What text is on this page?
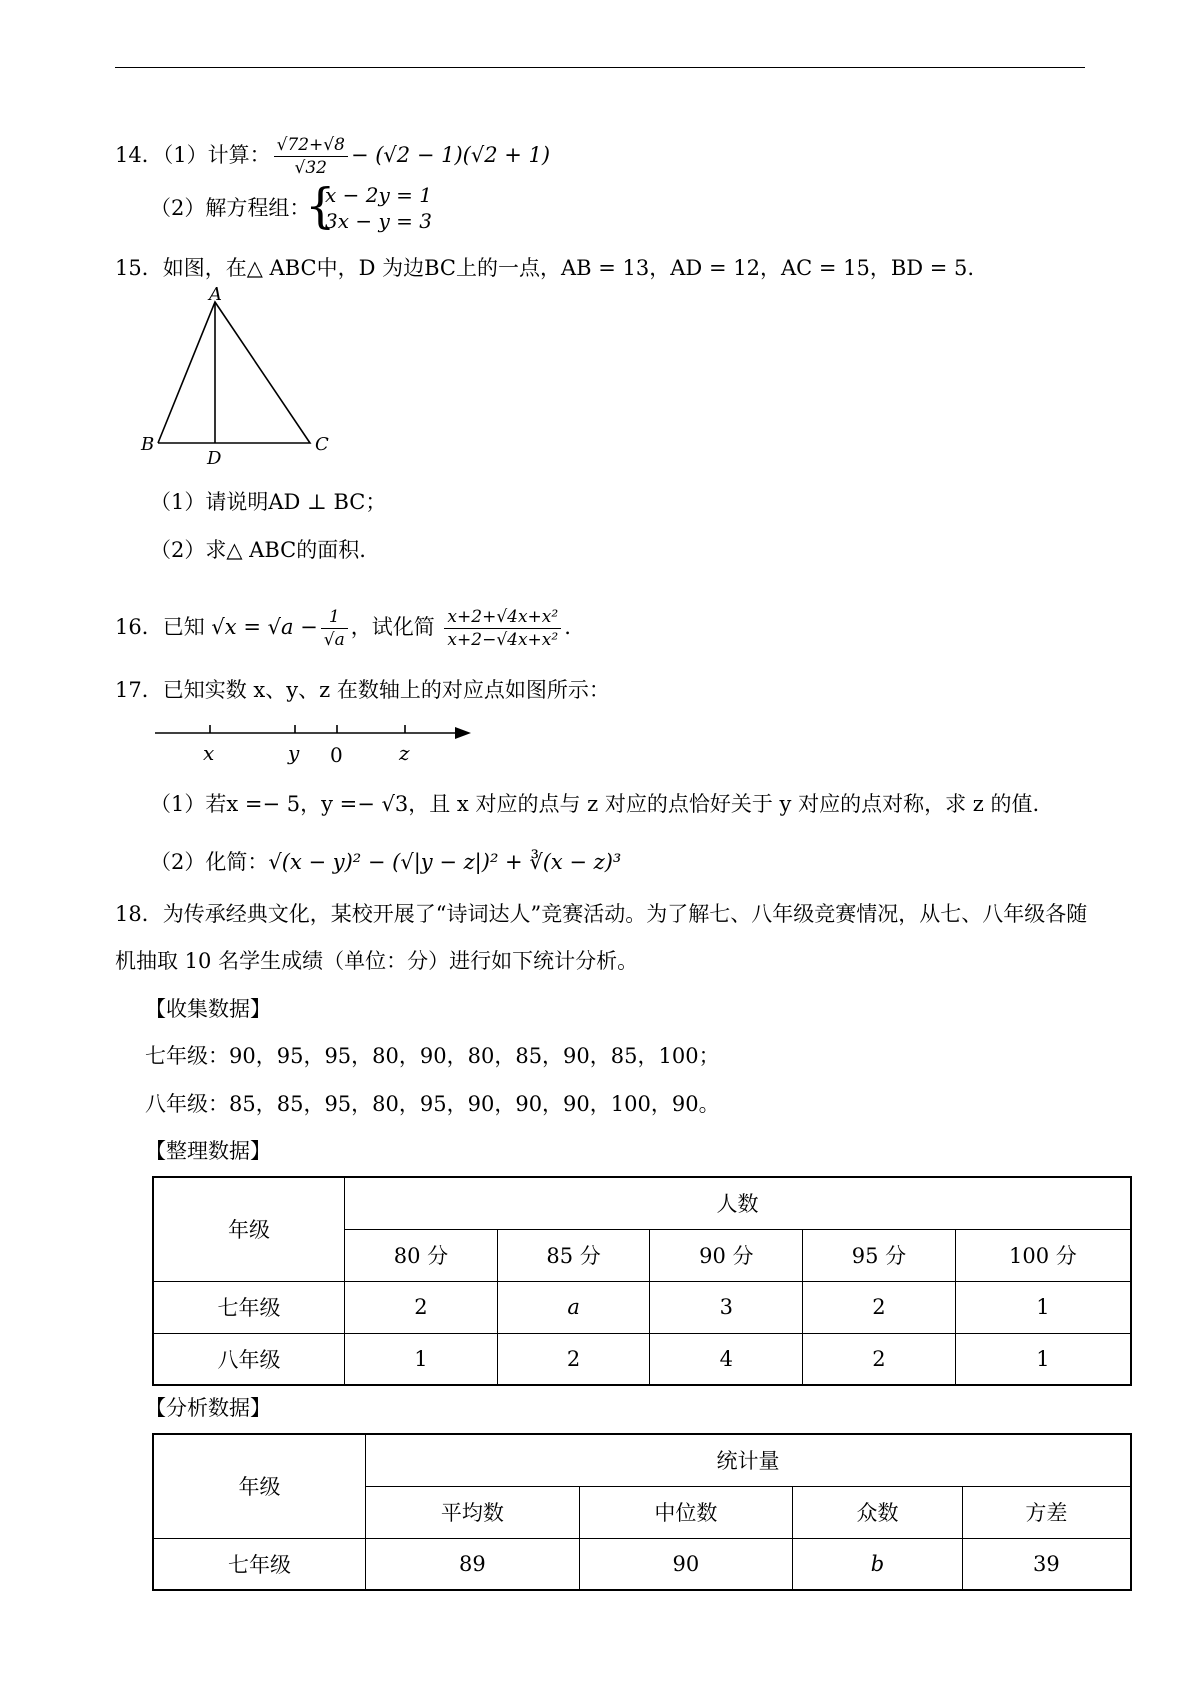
14．（1）计算： $\frac{√72+√8}{√32} - (√2 - 1)(√2 + 1)$
（2）解方程组：
{
x − 2y = 1
3x − y = 3
15．如图，在△ ABC中，D 为边BC上的一点，AB = 13，AD = 12，AC = 15，BD = 5.
A
B	C
D
（1）请说明AD ⊥ BC；
（2）求△ ABC的面积.
16．已知 $√x = √a - \frac{1}{√a}$ ，试化简 $\frac{\text{x+2+√4x+x²}}{\text{x+2−√4x+x²}}$ .
17．已知实数 x、y、z 在数轴上的对应点如图所示：
x	y 0	z
（1）若x =− 5，y =− √3，且 x 对应的点与 z 对应的点恰好关于 y 对应的点对称，求 z 的值.
（2）化简：√(x − y)² − (√|y − z|)² + ∛(x − z)³
18．为传承经典文化，某校开展了“诗词达人”竞赛活动。为了解七、八年级竞赛情况，从七、八年级各随
机抽取 10 名学生成绩（单位：分）进行如下统计分析。
【收集数据】
七年级：90，95，95，80，90，80，85，90，85，100；
八年级：85，85，95，80，95，90，90，90，100，90。
【整理数据】
年级	人数				
	80 分	85 分	90 分	95 分	100 分
七年级	2	a	3	2	1
八年级	1	2	4	2	1
【分析数据】
年级	统计量			
	平均数	中位数	众数	方差
七年级	89	90	b	39
